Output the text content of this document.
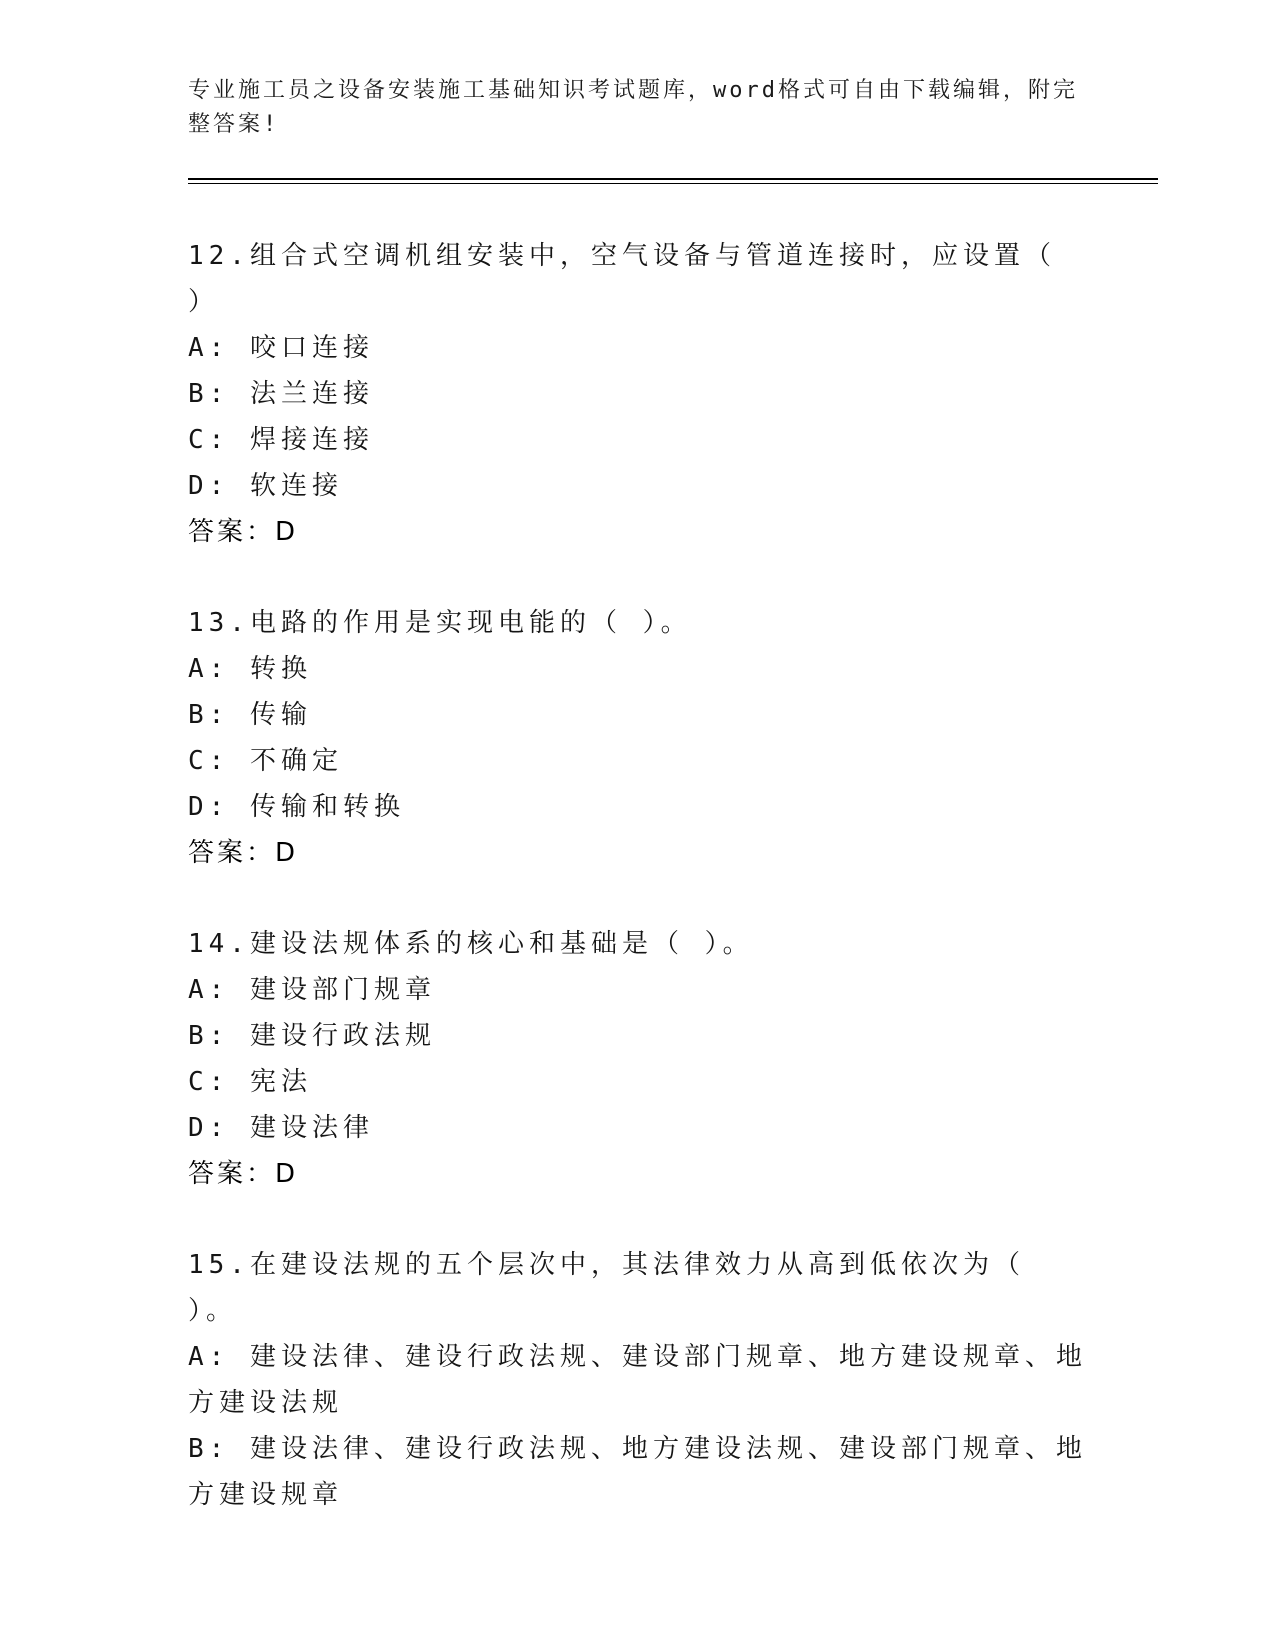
专业施工员之设备安装施工基础知识考试题库，word格式可自由下载编辑，附完整答案!
12.组合式空调机组安装中，空气设备与管道连接时，应设置（ ）
A: 咬口连接
B: 法兰连接
C: 焊接连接
D: 软连接
答案：D
13.电路的作用是实现电能的（ ）。
A: 转换
B: 传输
C: 不确定
D: 传输和转换
答案：D
14.建设法规体系的核心和基础是（ ）。
A: 建设部门规章
B: 建设行政法规
C: 宪法
D: 建设法律
答案：D
15.在建设法规的五个层次中，其法律效力从高到低依次为（ ）。
A: 建设法律、建设行政法规、建设部门规章、地方建设规章、地方建设法规
B: 建设法律、建设行政法规、地方建设法规、建设部门规章、地方建设规章
